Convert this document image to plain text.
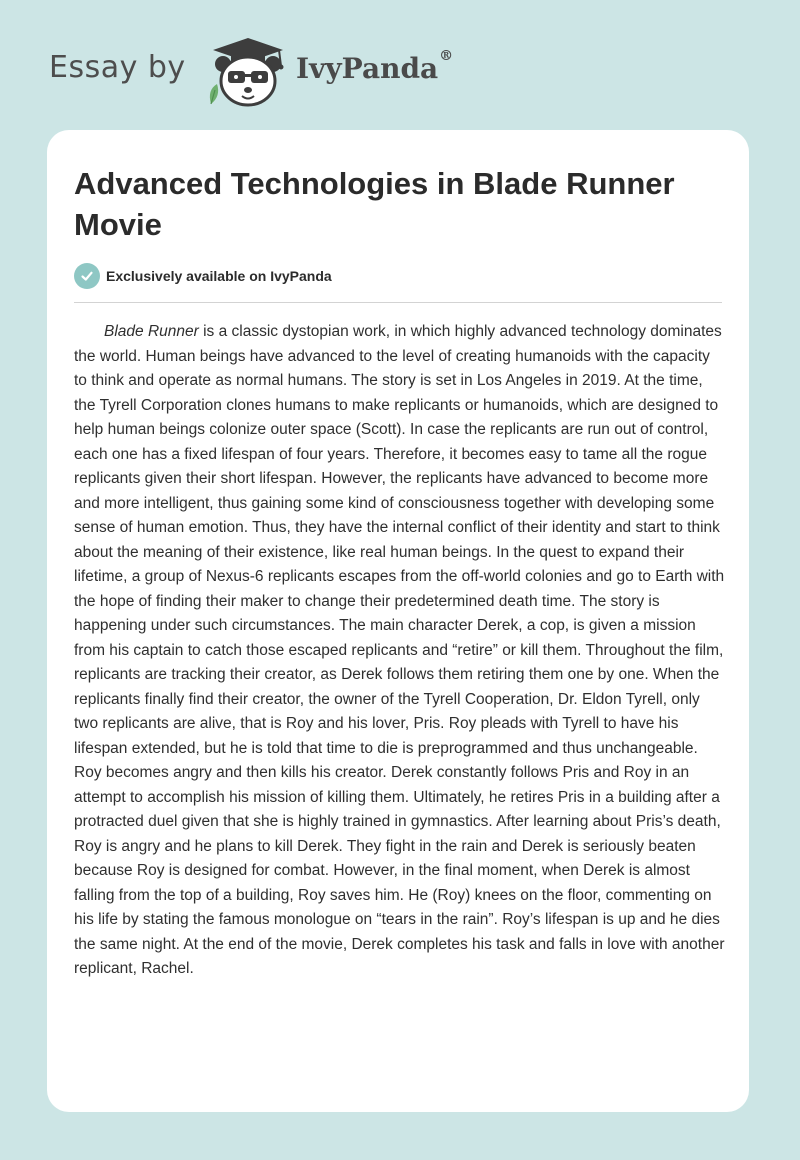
Essay by	IvyPanda®
Advanced Technologies in Blade Runner Movie
Exclusively available on IvyPanda

Blade Runner is a classic dystopian work, in which highly advanced technology dominates the world. Human beings have advanced to the level of creating humanoids with the capacity to think and operate as normal humans. The story is set in Los Angeles in 2019. At the time, the Tyrell Corporation clones humans to make replicants or humanoids, which are designed to help human beings colonize outer space (Scott). In case the replicants are run out of control, each one has a fixed lifespan of four years. Therefore, it becomes easy to tame all the rogue replicants given their short lifespan. However, the replicants have advanced to become more and more intelligent, thus gaining some kind of consciousness together with developing some sense of human emotion. Thus, they have the internal conflict of their identity and start to think about the meaning of their existence, like real human beings. In the quest to expand their lifetime, a group of Nexus-6 replicants escapes from the off-world colonies and go to Earth with the hope of finding their maker to change their predetermined death time. The story is happening under such circumstances. The main character Derek, a cop, is given a mission from his captain to catch those escaped replicants and “retire” or kill them. Throughout the film, replicants are tracking their creator, as Derek follows them retiring them one by one. When the replicants finally find their creator, the owner of the Tyrell Cooperation, Dr. Eldon Tyrell, only two replicants are alive, that is Roy and his lover, Pris. Roy pleads with Tyrell to have his lifespan extended, but he is told that time to die is preprogrammed and thus unchangeable. Roy becomes angry and then kills his creator. Derek constantly follows Pris and Roy in an attempt to accomplish his mission of killing them. Ultimately, he retires Pris in a building after a protracted duel given that she is highly trained in gymnastics. After learning about Pris’s death, Roy is angry and he plans to kill Derek. They fight in the rain and Derek is seriously beaten because Roy is designed for combat. However, in the final moment, when Derek is almost falling from the top of a building, Roy saves him. He (Roy) knees on the floor, commenting on his life by stating the famous monologue on “tears in the rain”. Roy’s lifespan is up and he dies the same night. At the end of the movie, Derek completes his task and falls in love with another replicant, Rachel.
